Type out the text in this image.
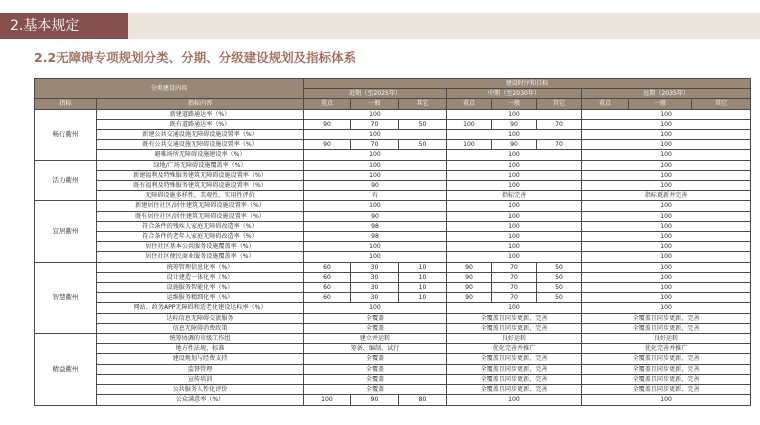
2.基本规定
2.2无障碍专项规划分类、分期、分级建设规划及指标体系
分类建设内容		建设时序和目标								
		近期（至2025年）			中期（至2030年）			远期（2035年）		
指标	指标内容	重点	一般	其它	重点	一般	其它	重点	一般	其它
畅行衢州	新建道路通达率（%）	100			100			100		
	既有道路通达率（%）	90	70	50	100	90	70	100		
	新建公共交通设施无障碍设施设置率（%）	100			100			100		
	既有公共交通设施无障碍设施设置率（%）	90	70	50	100	90	70	100		
	避难场所无障碍设施建设率（%）	100			100			100		
活力衢州	绿地/广场无障碍设施覆盖率（%）	100			100			100		
	新建福利及特殊服务建筑无障碍设施设置率（%）	100			100			100		
	既有福利及特殊服务建筑无障碍设施设置率（%）	90			100			100		
	无障碍设施多样性、美观性、实用性评价	有			指标完善			指标更新并完善		
宜居衢州	新建居住社区/居住建筑无障碍设施设置率（%）	100			100			100		
	既有居住社区/居住建筑无障碍设施设置率（%）	90			100			100		
	符合条件的残疾人家庭无障碍改造率（%）	98			100			100		
	符合条件的老年人家庭无障碍改造率（%）	98			100			100		
	居住社区基本公共服务设施覆盖率（%）	100			100			100		
	居住社区便民商业服务设施覆盖率（%）	100			100			100		
智慧衢州	统筹管理信息化率（%）	60	30	10	90	70	50	100		
	设计建造一体化率（%）	60	30	10	90	70	50	100		
	设施服务智能化率（%）	60	30	10	90	70	50	100		
	运维服务精细化率（%）	60	30	10	90	70	50	100		
	网站、政务APP无障碍和适老化建设达标率（%）	100			100			100		
	达标信息无障碍交流服务	全覆盖			全覆盖且同步更新、完善			全覆盖且同步更新、完善		
	信息无障碍消费政策	全覆盖			全覆盖且同步更新、完善			全覆盖且同步更新、完善		
精益衢州	统筹协调的市级工作组	建立并运转			良好运转			良好运转		
	地方性法规、标准	筹备、编制、试行			优化完善并推广			优化完善并推广		
	建设规划与经费支持	全覆盖			全覆盖且同步更新、完善			全覆盖且同步更新、完善		
	监督管理	全覆盖			全覆盖且同步更新、完善			全覆盖且同步更新、完善		
	宣传培训	全覆盖			全覆盖且同步更新、完善			全覆盖且同步更新、完善		
	公共服务人性化评价	全覆盖			全覆盖且同步更新、完善			全覆盖且同步更新、完善		
	公众满意率（%）	100	90	80	100			100		
